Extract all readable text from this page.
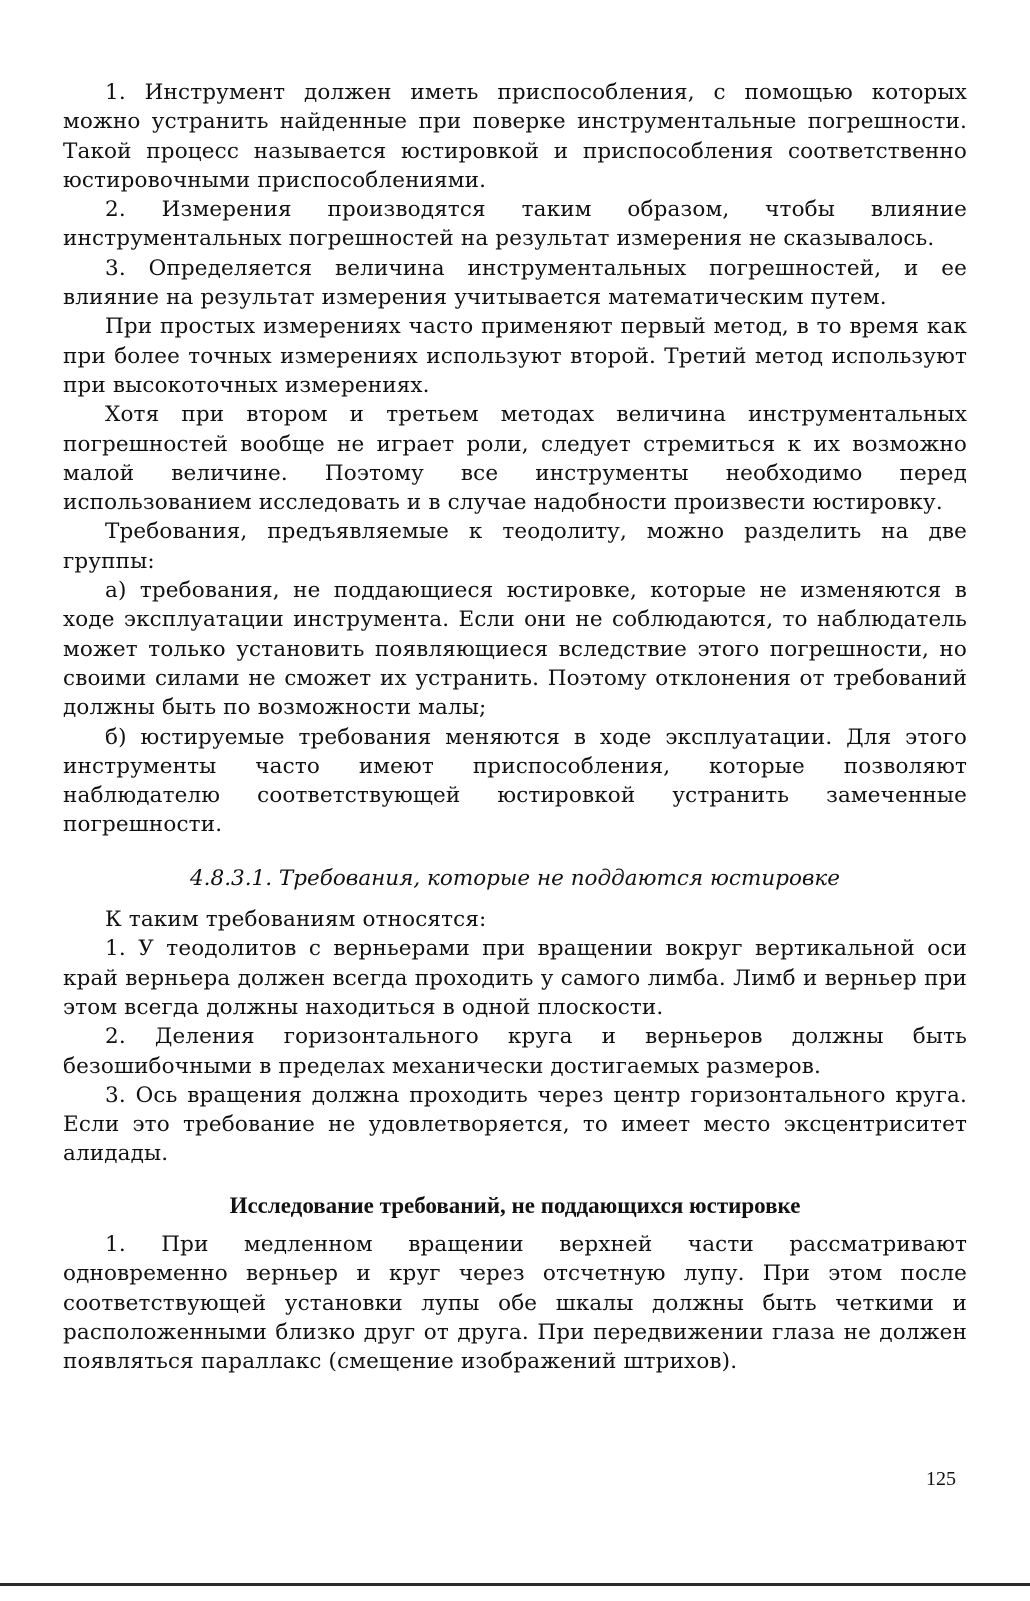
1. Инструмент должен иметь приспособления, с помощью которых можно устранить найденные при поверке инструментальные погрешности. Такой процесс называется юстировкой и приспособления соответственно юстировочными приспособлениями.

2. Измерения производятся таким образом, чтобы влияние инструментальных погрешностей на результат измерения не сказывалось.

3. Определяется величина инструментальных погрешностей, и ее влияние на результат измерения учитывается математическим путем.

При простых измерениях часто применяют первый метод, в то время как при более точных измерениях используют второй. Третий метод используют при высокоточных измерениях.

Хотя при втором и третьем методах величина инструментальных погрешностей вообще не играет роли, следует стремиться к их возможно малой величине. Поэтому все инструменты необходимо перед использованием исследовать и в случае надобности произвести юстировку.

Требования, предъявляемые к теодолиту, можно разделить на две группы:

а) требования, не поддающиеся юстировке, которые не изменяются в ходе эксплуатации инструмента. Если они не соблюдаются, то наблюдатель может только установить появляющиеся вследствие этого погрешности, но своими силами не сможет их устранить. Поэтому отклонения от требований должны быть по возможности малы;

б) юстируемые требования меняются в ходе эксплуатации. Для этого инструменты часто имеют приспособления, которые позволяют наблюдателю соответствующей юстировкой устранить замеченные погрешности.

4.8.3.1. Требования, которые не поддаются юстировке

К таким требованиям относятся:

1. У теодолитов с верньерами при вращении вокруг вертикальной оси край верньера должен всегда проходить у самого лимба. Лимб и верньер при этом всегда должны находиться в одной плоскости.

2. Деления горизонтального круга и верньеров должны быть безошибочными в пределах механически достигаемых размеров.

3. Ось вращения должна проходить через центр горизонтального круга. Если это требование не удовлетворяется, то имеет место эксцентриситет алидады.

Исследование требований, не поддающихся юстировке

1. При медленном вращении верхней части рассматривают одновременно верньер и круг через отсчетную лупу. При этом после соответствующей установки лупы обе шкалы должны быть четкими и расположенными близко друг от друга. При передвижении глаза не должен появляться параллакс (смещение изображений штрихов).

125
